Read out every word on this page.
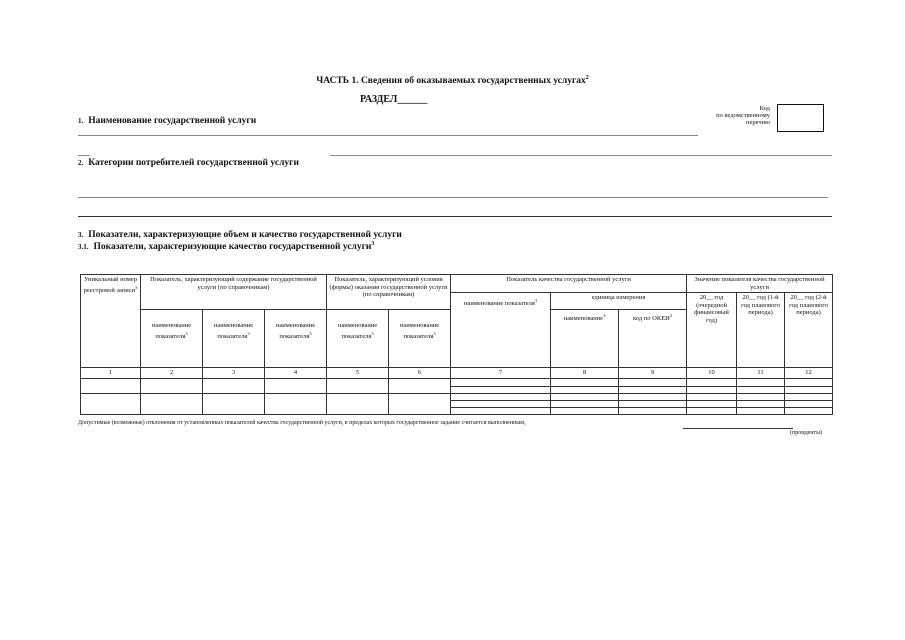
ЧАСТЬ 1. Сведения об оказываемых государственных услугах$^2$
РАЗДЕЛ______
Код
по ведомственному
перечню
1. Наименование государственной услуги
2. Категории потребителей государственной услуги
3. Показатели, характеризующие объем и качество государственной услуги
3.1. Показатели, характеризующие качество государственной услуги$^3$
Уникальный номер реестровой записи$^3$	Показатель, характеризующий содержание государственной услуги (по справочникам)			Показатель, характеризующий условия (формы) оказания государственной услуги (по справочникам)		Показатель качества государственной услуги			Значение показателя качества государственной услуги		
						наименование показателя$^3$	единица измерения		20__ год (очередной финансовый год)	20__ год (1-й год планового периода)	20__ год (2-й год планового периода)
	наименование показателя$^3$	наименование показателя$^3$	наименование показателя$^3$	наименование показателя$^3$	наименование показателя$^3$		наименование$^3$	код по ОКЕИ$^3$
1	2	3	4	5	6	7	8	9	10	11	12

Допустимые (возможные) отклонения от установленных показателей качества государственной услуги, в пределах которых государственное задание считается выполненным,
(процценты)
